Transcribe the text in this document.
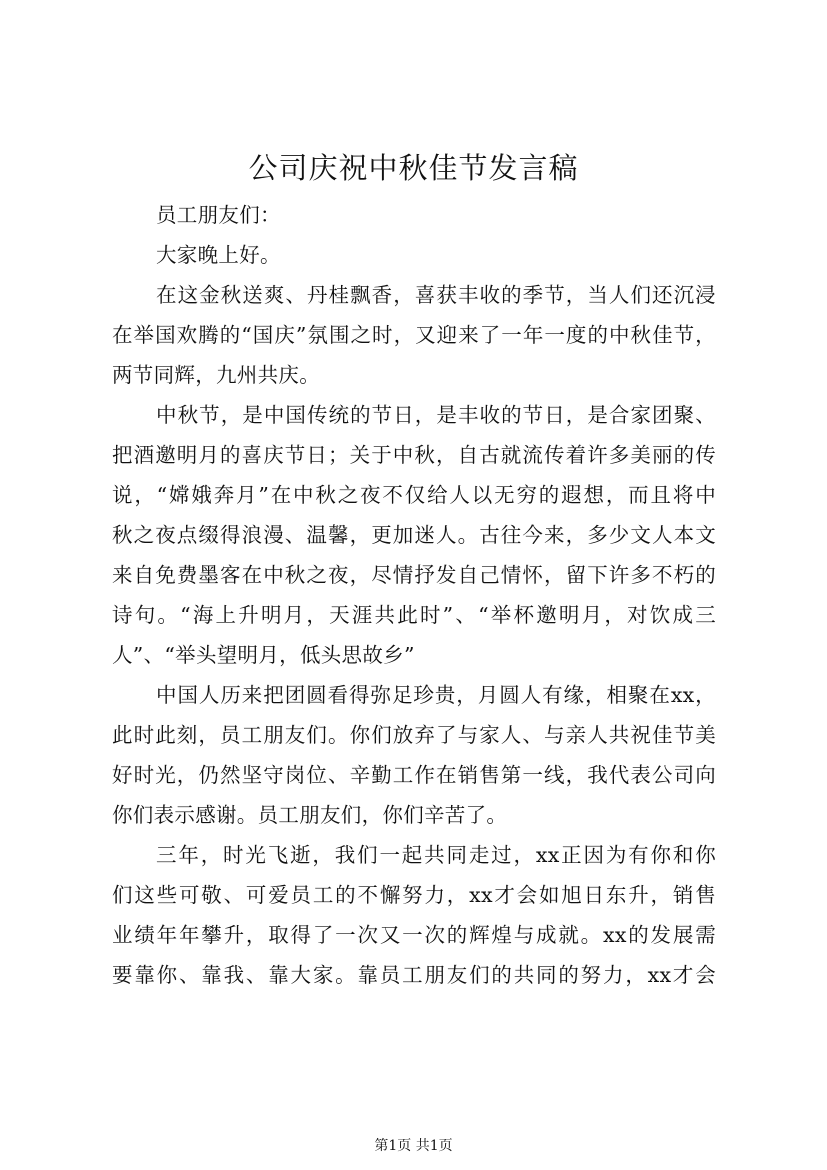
公司庆祝中秋佳节发言稿
员工朋友们：
大家晚上好。
在这金秋送爽、丹桂飘香，喜获丰收的季节，当人们还沉浸
在举国欢腾的“国庆”氛围之时，又迎来了一年一度的中秋佳节，
两节同辉，九州共庆。
中秋节，是中国传统的节日，是丰收的节日，是合家团聚、
把酒邀明月的喜庆节日；关于中秋，自古就流传着许多美丽的传
说，“嫦娥奔月”在中秋之夜不仅给人以无穷的遐想，而且将中
秋之夜点缀得浪漫、温馨，更加迷人。古往今来，多少文人本文
来自免费墨客在中秋之夜，尽情抒发自己情怀，留下许多不朽的
诗句。“海上升明月，天涯共此时”、“举杯邀明月，对饮成三
人”、“举头望明月，低头思故乡”
中国人历来把团圆看得弥足珍贵，月圆人有缘，相聚在xx，
此时此刻，员工朋友们。你们放弃了与家人、与亲人共祝佳节美
好时光，仍然坚守岗位、辛勤工作在销售第一线，我代表公司向
你们表示感谢。员工朋友们，你们辛苦了。
三年，时光飞逝，我们一起共同走过，xx正因为有你和你
们这些可敬、可爱员工的不懈努力，xx才会如旭日东升，销售
业绩年年攀升，取得了一次又一次的辉煌与成就。xx的发展需
要靠你、靠我、靠大家。靠员工朋友们的共同的努力，xx才会
第1页 共1页
